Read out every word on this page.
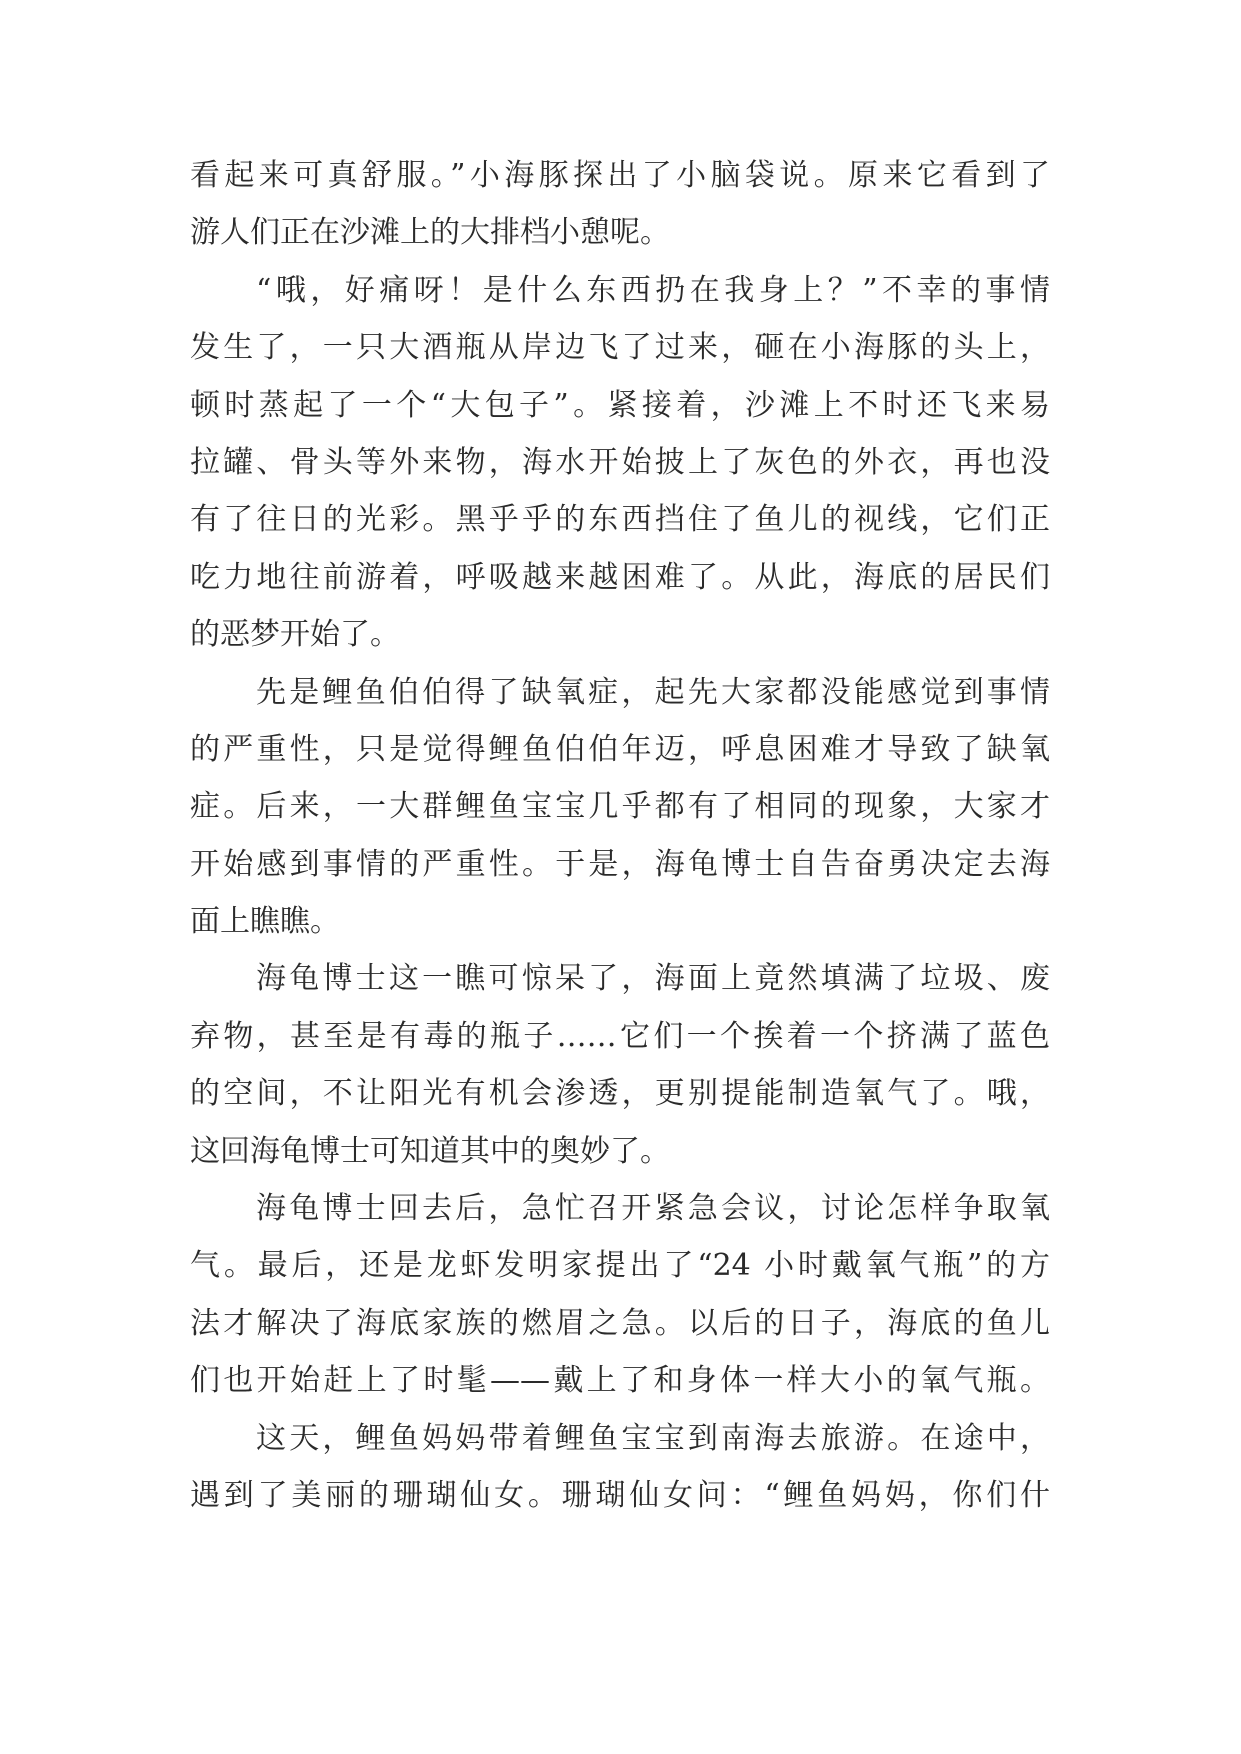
看起来可真舒服。”小海豚探出了小脑袋说。原来它看到了
游人们正在沙滩上的大排档小憩呢。
“哦，好痛呀！是什么东西扔在我身上？”不幸的事情
发生了，一只大酒瓶从岸边飞了过来，砸在小海豚的头上，
顿时蒸起了一个“大包子”。紧接着，沙滩上不时还飞来易
拉罐、骨头等外来物，海水开始披上了灰色的外衣，再也没
有了往日的光彩。黑乎乎的东西挡住了鱼儿的视线，它们正
吃力地往前游着，呼吸越来越困难了。从此，海底的居民们
的恶梦开始了。
先是鲤鱼伯伯得了缺氧症，起先大家都没能感觉到事情
的严重性，只是觉得鲤鱼伯伯年迈，呼息困难才导致了缺氧
症。后来，一大群鲤鱼宝宝几乎都有了相同的现象，大家才
开始感到事情的严重性。于是，海龟博士自告奋勇决定去海
面上瞧瞧。
海龟博士这一瞧可惊呆了，海面上竟然填满了垃圾、废
弃物，甚至是有毒的瓶子……它们一个挨着一个挤满了蓝色
的空间，不让阳光有机会渗透，更别提能制造氧气了。哦，
这回海龟博士可知道其中的奥妙了。
海龟博士回去后，急忙召开紧急会议，讨论怎样争取氧
气。最后，还是龙虾发明家提出了“24 小时戴氧气瓶”的方
法才解决了海底家族的燃眉之急。以后的日子，海底的鱼儿
们也开始赶上了时髦——戴上了和身体一样大小的氧气瓶。
这天，鲤鱼妈妈带着鲤鱼宝宝到南海去旅游。在途中，
遇到了美丽的珊瑚仙女。珊瑚仙女问：“鲤鱼妈妈，你们什
